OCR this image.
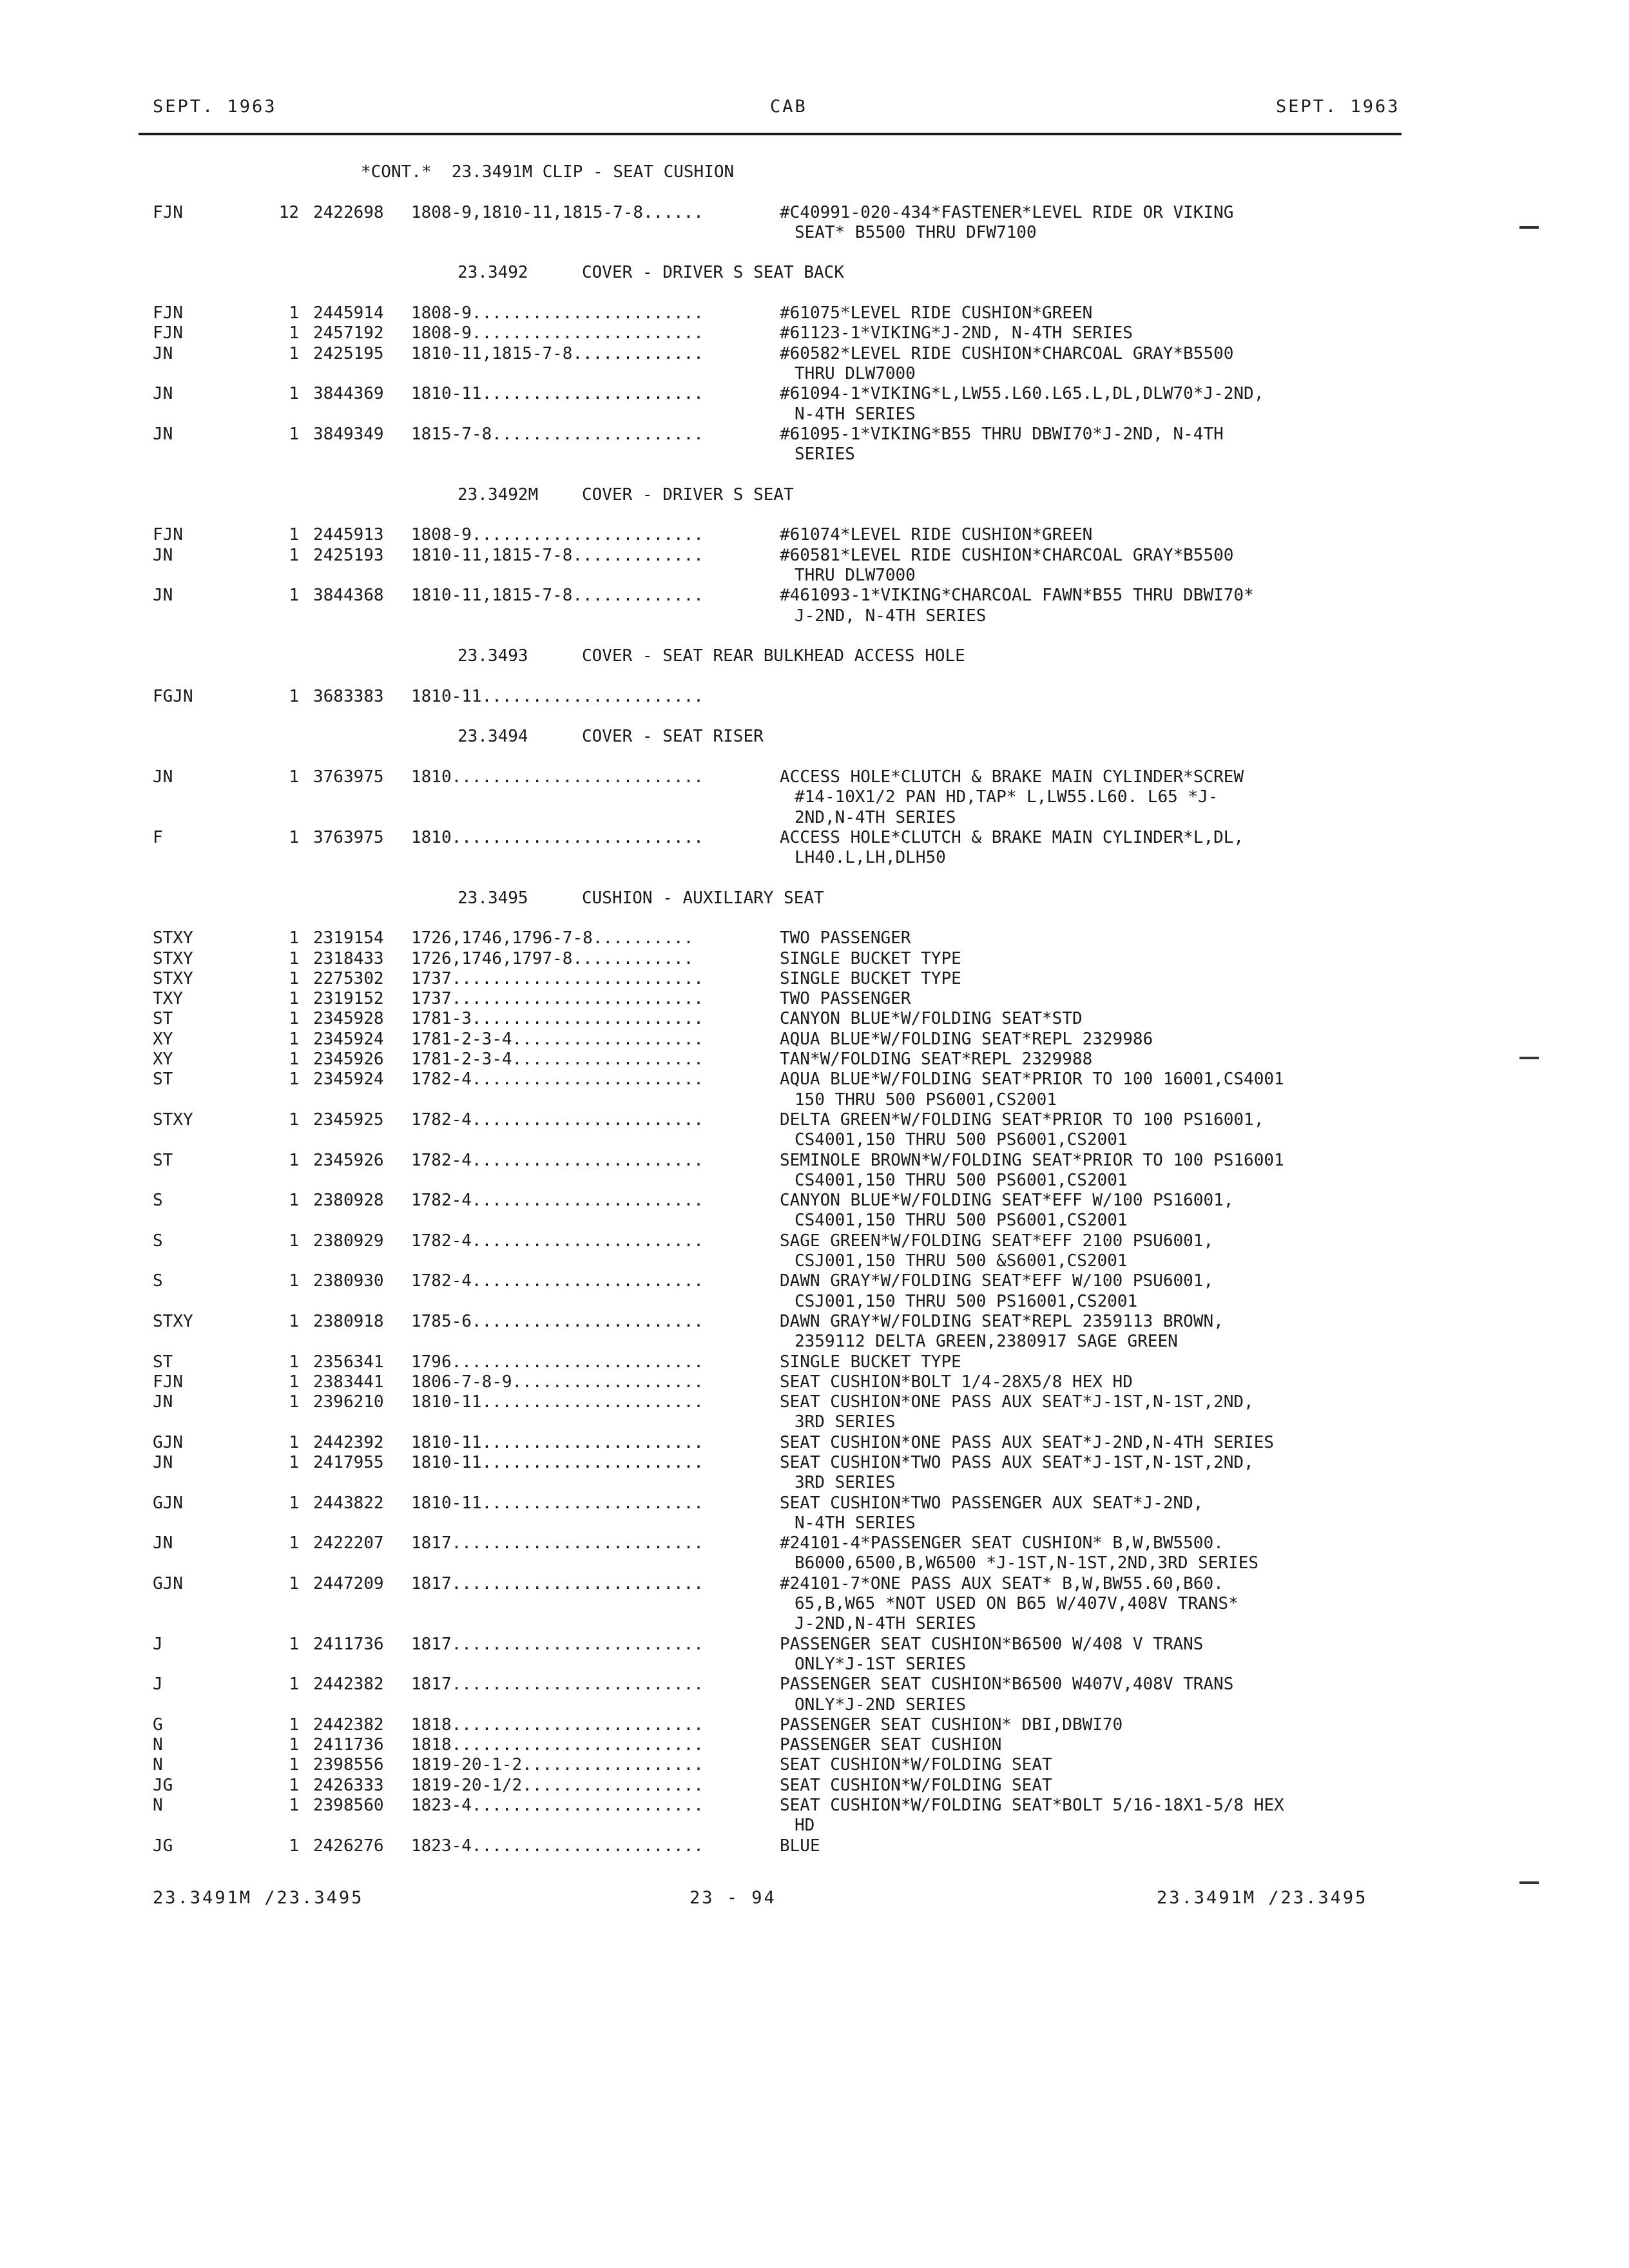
SEPT. 1963	CAB	SEPT. 1963
*CONT.*  23.3491M CLIP - SEAT CUSHION
FJN	12 2422698 1808-9,1810-11,1815-7-8......	#C40991-020-434*FASTENER*LEVEL RIDE OR VIKING
SEAT* B5500 THRU DFW7100
23.3492	COVER - DRIVER S SEAT BACK
FJN	1 2445914 1808-9.......................	#61075*LEVEL RIDE CUSHION*GREEN
FJN	1 2457192 1808-9.......................	#61123-1*VIKING*J-2ND, N-4TH SERIES
JN	1 2425195 1810-11,1815-7-8.............	#60582*LEVEL RIDE CUSHION*CHARCOAL GRAY*B5500
THRU DLW7000
JN	1 3844369 1810-11......................	#61094-1*VIKING*L,LW55.L60.L65.L,DL,DLW70*J-2ND,
N-4TH SERIES
JN	1 3849349 1815-7-8.....................	#61095-1*VIKING*B55 THRU DBWI70*J-2ND, N-4TH
SERIES
23.3492M	COVER - DRIVER S SEAT
FJN	1 2445913 1808-9.......................	#61074*LEVEL RIDE CUSHION*GREEN
JN	1 2425193 1810-11,1815-7-8.............	#60581*LEVEL RIDE CUSHION*CHARCOAL GRAY*B5500
THRU DLW7000
JN	1 3844368 1810-11,1815-7-8.............	#461093-1*VIKING*CHARCOAL FAWN*B55 THRU DBWI70*
J-2ND, N-4TH SERIES
23.3493	COVER - SEAT REAR BULKHEAD ACCESS HOLE
FGJN	1 3683383 1810-11......................
23.3494	COVER - SEAT RISER
JN	1 3763975 1810.........................	ACCESS HOLE*CLUTCH & BRAKE MAIN CYLINDER*SCREW
#14-10X1/2 PAN HD,TAP* L,LW55.L60. L65 *J-
2ND,N-4TH SERIES
F	1 3763975 1810.........................	ACCESS HOLE*CLUTCH & BRAKE MAIN CYLINDER*L,DL,
LH40.L,LH,DLH50
23.3495	CUSHION - AUXILIARY SEAT
STXY	1 2319154 1726,1746,1796-7-8..........	TWO PASSENGER
STXY	1 2318433 1726,1746,1797-8............	SINGLE BUCKET TYPE
STXY	1 2275302 1737.........................	SINGLE BUCKET TYPE
TXY	1 2319152 1737.........................	TWO PASSENGER
ST	1 2345928 1781-3.......................	CANYON BLUE*W/FOLDING SEAT*STD
XY	1 2345924 1781-2-3-4...................	AQUA BLUE*W/FOLDING SEAT*REPL 2329986
XY	1 2345926 1781-2-3-4...................	TAN*W/FOLDING SEAT*REPL 2329988
ST	1 2345924 1782-4.......................	AQUA BLUE*W/FOLDING SEAT*PRIOR TO 100 16001,CS4001
150 THRU 500 PS6001,CS2001
STXY	1 2345925 1782-4.......................	DELTA GREEN*W/FOLDING SEAT*PRIOR TO 100 PS16001,
CS4001,150 THRU 500 PS6001,CS2001
ST	1 2345926 1782-4.......................	SEMINOLE BROWN*W/FOLDING SEAT*PRIOR TO 100 PS16001
CS4001,150 THRU 500 PS6001,CS2001
S	1 2380928 1782-4.......................	CANYON BLUE*W/FOLDING SEAT*EFF W/100 PS16001,
CS4001,150 THRU 500 PS6001,CS2001
S	1 2380929 1782-4.......................	SAGE GREEN*W/FOLDING SEAT*EFF 2100 PSU6001,
CSJ001,150 THRU 500 &S6001,CS2001
S	1 2380930 1782-4.......................	DAWN GRAY*W/FOLDING SEAT*EFF W/100 PSU6001,
CSJ001,150 THRU 500 PS16001,CS2001
STXY	1 2380918 1785-6.......................	DAWN GRAY*W/FOLDING SEAT*REPL 2359113 BROWN,
2359112 DELTA GREEN,2380917 SAGE GREEN
ST	1 2356341 1796.........................	SINGLE BUCKET TYPE
FJN	1 2383441 1806-7-8-9...................	SEAT CUSHION*BOLT 1/4-28X5/8 HEX HD
JN	1 2396210 1810-11......................	SEAT CUSHION*ONE PASS AUX SEAT*J-1ST,N-1ST,2ND,
3RD SERIES
GJN	1 2442392 1810-11......................	SEAT CUSHION*ONE PASS AUX SEAT*J-2ND,N-4TH SERIES
JN	1 2417955 1810-11......................	SEAT CUSHION*TWO PASS AUX SEAT*J-1ST,N-1ST,2ND,
3RD SERIES
GJN	1 2443822 1810-11......................	SEAT CUSHION*TWO PASSENGER AUX SEAT*J-2ND,
N-4TH SERIES
JN	1 2422207 1817.........................	#24101-4*PASSENGER SEAT CUSHION* B,W,BW5500.
B6000,6500,B,W6500 *J-1ST,N-1ST,2ND,3RD SERIES
GJN	1 2447209 1817.........................	#24101-7*ONE PASS AUX SEAT* B,W,BW55.60,B60.
65,B,W65 *NOT USED ON B65 W/407V,408V TRANS*
J-2ND,N-4TH SERIES
J	1 2411736 1817.........................	PASSENGER SEAT CUSHION*B6500 W/408 V TRANS
ONLY*J-1ST SERIES
J	1 2442382 1817.........................	PASSENGER SEAT CUSHION*B6500 W407V,408V TRANS
ONLY*J-2ND SERIES
G	1 2442382 1818.........................	PASSENGER SEAT CUSHION* DBI,DBWI70
N	1 2411736 1818.........................	PASSENGER SEAT CUSHION
N	1 2398556 1819-20-1-2..................	SEAT CUSHION*W/FOLDING SEAT
JG	1 2426333 1819-20-1/2..................	SEAT CUSHION*W/FOLDING SEAT
N	1 2398560 1823-4.......................	SEAT CUSHION*W/FOLDING SEAT*BOLT 5/16-18X1-5/8 HEX
HD
JG	1 2426276 1823-4.......................	BLUE
23.3491M /23.3495	23 - 94	23.3491M /23.3495
